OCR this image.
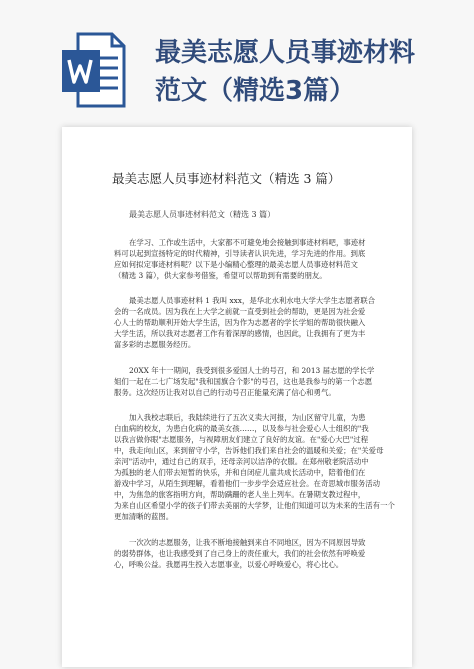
最美志愿人员事迹材料
范文（精选3篇）
最美志愿人员事迹材料范文（精选 3 篇）
最美志愿人员事迹材料范文（精选 3 篇）
在学习、工作或生活中，大家都不可避免地会接触到事迹材料吧，事迹材
料可以起到宣扬特定的时代精神，引导读者认识先进，学习先进的作用。到底
应如何拟定事迹材料呢？以下是小编精心整理的最美志愿人员事迹材料范文
（精选 3 篇），供大家参考借鉴，希望可以帮助到有需要的朋友。
最美志愿人员事迹材料 1 我叫 xxx，是华北水利水电大学大学生志愿者联合
会的一名成员。因为我在上大学之前就一直受到社会的帮助，更是因为社会爱
心人士的帮助顺利开始大学生活，因为作为志愿者的学长学姐的帮助很快融入
大学生活，所以我对志愿者工作有着深厚的感情，也因此，让我拥有了更为丰
富多彩的志愿服务经历。
20XX 年十一期间，我受到很多爱国人士的号召，和 2013 届志愿的学长学
姐们一起在二七广场发起"我和国旗合个影"的号召，这也是我参与的第一个志愿
服务。这次经历让我对以自己的行动号召正能量充满了信心和勇气。
加入我校志联后，我陆续进行了五次义卖大河报，为山区留守儿童，为患
白血病的校友，为患白化病的最美女孩……，以及参与社会爱心人士组织的"我
以我言做你眼"志愿服务，与视障朋友们建立了良好的友谊。在"爱心大巴"过程
中，我走向山区，来到留守小学，告诉他们我们来自社会的温暖和关爱；在"关爱母
亲河"活动中，通过自己的双手，还母亲河以洁净的衣服。在郑州敬老院活动中
为孤独的老人们带去短暂的快乐，并和自闭症儿童共成长活动中，陪着他们在
游戏中学习，从陌生到理解，看着他们一步步学会适应社会。在奇思城市服务活动
中，为焦急的旅客指明方向，帮助蹒跚的老人坐上列车。在暑期支教过程中，
为来自山区希望小学的孩子们带去美丽的大学梦，让他们知道可以为未来的生活有一个
更加清晰的蓝图。
一次次的志愿服务，让我不断地接触到来自不同地区，因为不同原因导致
的弱势群体，也让我感受到了自己身上的责任重大，我们的社会依然有呼唤爱
心，呼唤公益。我愿再生投入志愿事业，以爱心呼唤爱心，将心比心。
